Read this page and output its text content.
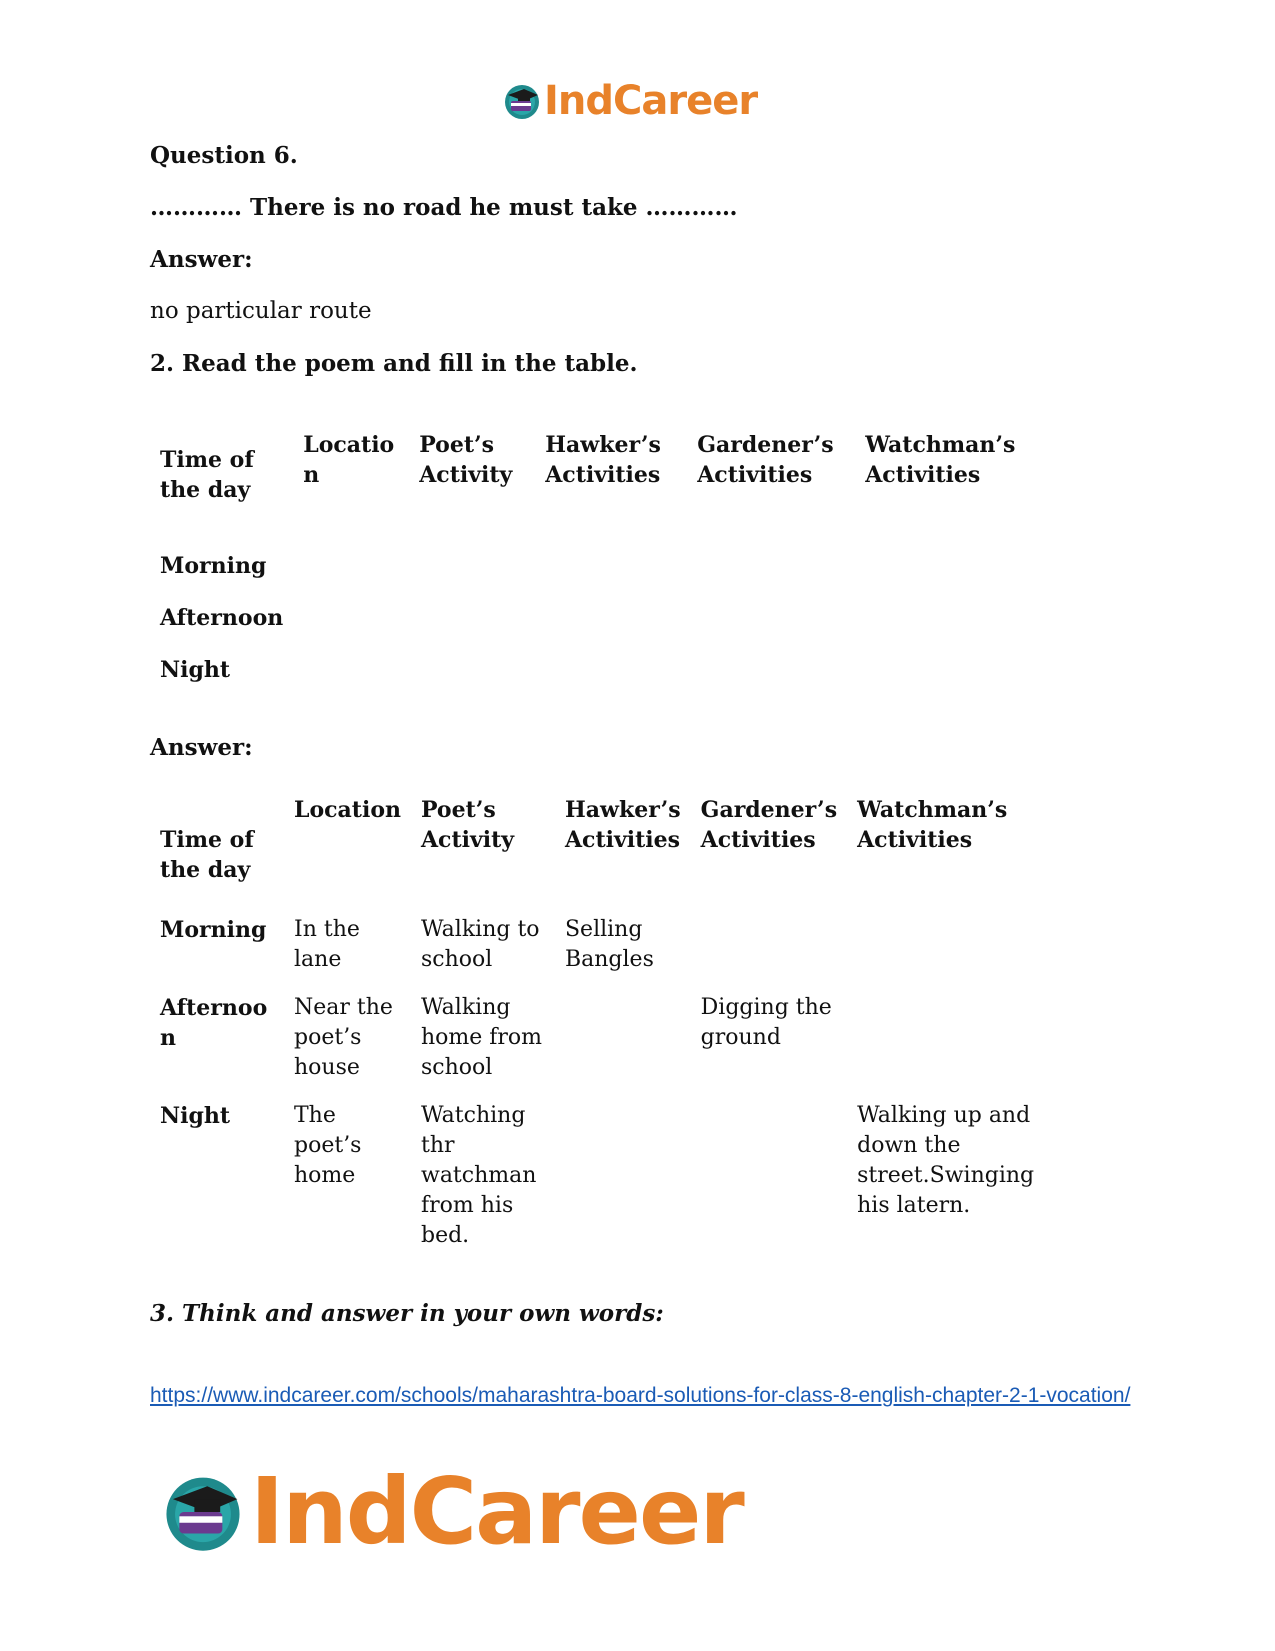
IndCareer
Question 6.
………… There is no road he must take …………
Answer:
no particular route
2. Read the poem and fill in the table.
Time of the day	Locatio n	Poet’s Activity	Hawker’s Activities	Gardener’s Activities	Watchman’s Activities
Morning					
Afternoon					
Night					
Answer:
Time of the day	Location	Poet’s Activity	Hawker’s Activities	Gardener’s Activities	Watchman’s Activities
Morning	In the lane	Walking to school	Selling Bangles		
Afternoo n	Near the poet’s house	Walking home from school		Digging the ground	
Night	The poet’s home	Watching thr watchman from his bed.			Walking up and down the street.Swinging his latern.
3. Think and answer in your own words:
https://www.indcareer.com/schools/maharashtra-board-solutions-for-class-8-english-chapter-2-1-vocation/
IndCareer
